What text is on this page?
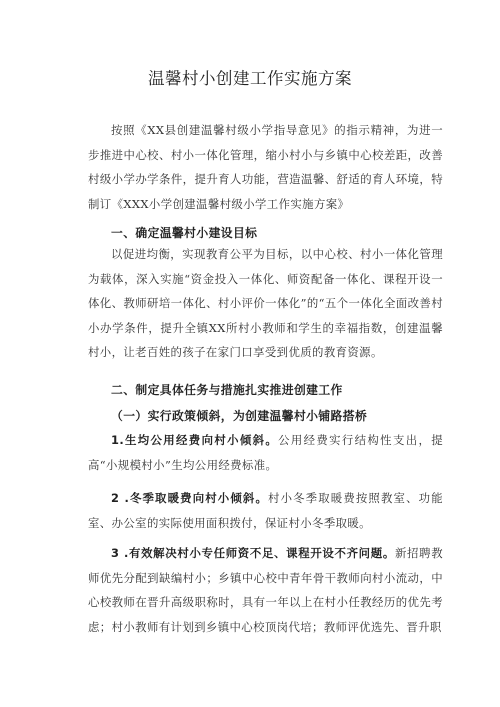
温馨村小创建工作实施方案

按照《XX县创建温馨村级小学指导意见》的指示精神，为进一步推进中心校、村小一体化管理，缩小村小与乡镇中心校差距，改善村级小学办学条件，提升育人功能，营造温馨、舒适的育人环境，特制订《XXX小学创建温馨村级小学工作实施方案》

一、确定温馨村小建设目标

以促进均衡，实现教育公平为目标，以中心校、村小一体化管理为载体，深入实施“资金投入一体化、师资配备一体化、课程开设一体化、教师研培一体化、村小评价一体化”的“五个一体化全面改善村小办学条件，提升全镇XX所村小教师和学生的幸福指数，创建温馨村小，让老百姓的孩子在家门口享受到优质的教育资源。

二、制定具体任务与措施扎实推进创建工作
（一）实行政策倾斜，为创建温馨村小铺路搭桥

1.生均公用经费向村小倾斜。公用经费实行结构性支出，提高“小规模村小”生均公用经费标准。

2 .冬季取暖费向村小倾斜。村小冬季取暖费按照教室、功能室、办公室的实际使用面积拨付，保证村小冬季取暖。

3 .有效解决村小专任师资不足、课程开设不齐问题。新招聘教师优先分配到缺编村小；乡镇中心校中青年骨干教师向村小流动，中心校教师在晋升高级职称时，具有一年以上在村小任教经历的优先考虑；村小教师有计划到乡镇中心校顶岗代培；教师评优选先、晋升职
